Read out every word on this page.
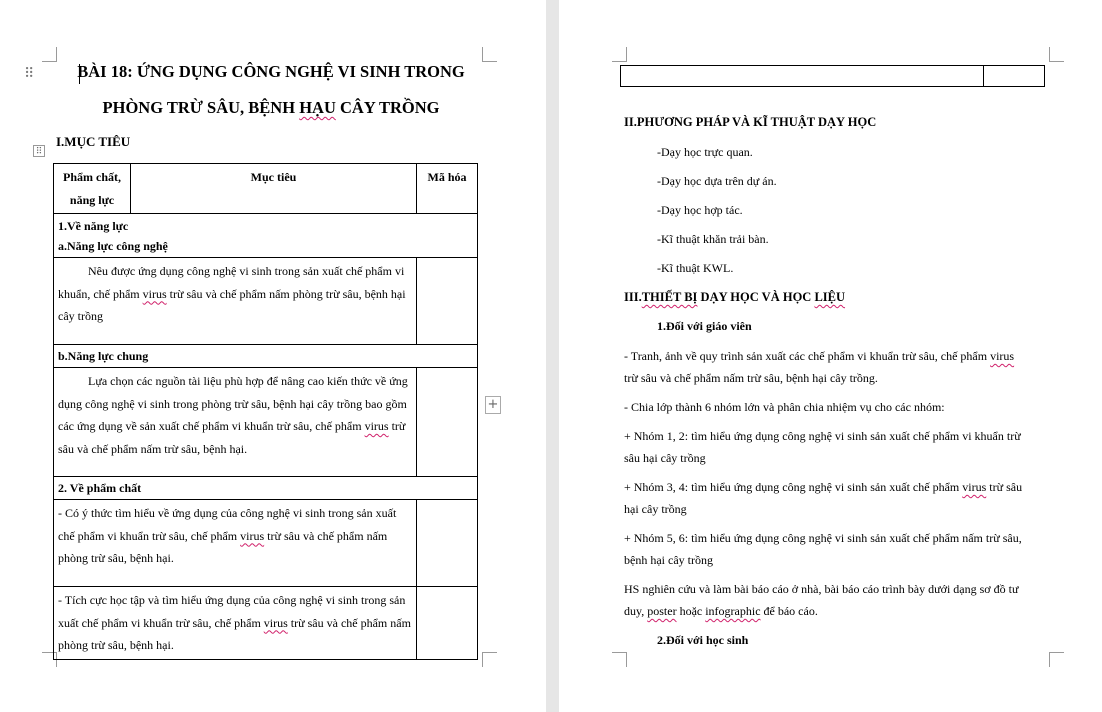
⠿	BÀI 18: ỨNG DỤNG CÔNG NGHỆ VI SINH TRONG
PHÒNG TRỪ SÂU, BỆNH HẠU CÂY TRỒNG
I.MỤC TIÊU
⠿
Phẩm chất, năng lực	Mục tiêu	Mã hóa

1.Về năng lực
a.Năng lực công nghệ		

Nêu được ứng dụng công nghệ vi sinh trong sản xuất chế phẩm vi khuẩn, chế phẩm virus trừ sâu và chế phẩm nấm phòng trừ sâu, bệnh hại cây trồng		
b.Năng lực chung		
Lựa chọn các nguồn tài liệu phù hợp để nâng cao kiến thức về ứng dụng công nghệ vi sinh trong phòng trừ sâu, bệnh hại cây trồng bao gồm các ứng dụng về sản xuất chế phẩm vi khuẩn trừ sâu, chế phẩm virus trừ sâu và chế phẩm nấm trừ sâu, bệnh hại.		
2. Về phẩm chất		
- Có ý thức tìm hiểu về ứng dụng của công nghệ vi sinh trong sản xuất chế phẩm vi khuẩn trừ sâu, chế phẩm virus trừ sâu và chế phẩm nấm phòng trừ sâu, bệnh hại.		
- Tích cực học tập và tìm hiểu ứng dụng của công nghệ vi sinh trong sản xuất chế phẩm vi khuẩn trừ sâu, chế phẩm virus trừ sâu và chế phẩm nấm phòng trừ sâu, bệnh hại.		
+

II.PHƯƠNG PHÁP VÀ KĨ THUẬT DẠY HỌC
-Dạy học trực quan.
-Dạy học dựa trên dự án.
-Dạy học hợp tác.
-Kĩ thuật khăn trải bàn.
-Kĩ thuật KWL.
III.THIẾT BỊ DẠY HỌC VÀ HỌC LIỆU
1.Đối với giáo viên
- Tranh, ảnh về quy trình sản xuất các chế phẩm vi khuẩn trừ sâu, chế phẩm virus
trừ sâu và chế phẩm nấm trừ sâu, bệnh hại cây trồng.
- Chia lớp thành 6 nhóm lớn và phân chia nhiệm vụ cho các nhóm:
+ Nhóm 1, 2: tìm hiểu ứng dụng công nghệ vi sinh sản xuất chế phẩm vi khuẩn trừ
sâu hại cây trồng
+ Nhóm 3, 4: tìm hiểu ứng dụng công nghệ vi sinh sản xuất chế phẩm virus trừ sâu
hại cây trồng
+ Nhóm 5, 6: tìm hiểu ứng dụng công nghệ vi sinh sản xuất chế phẩm nấm trừ sâu,
bệnh hại cây trồng
HS nghiên cứu và làm bài báo cáo ở nhà, bài báo cáo trình bày dưới dạng sơ đồ tư
duy, poster hoặc infographic để báo cáo.
2.Đối với học sinh
